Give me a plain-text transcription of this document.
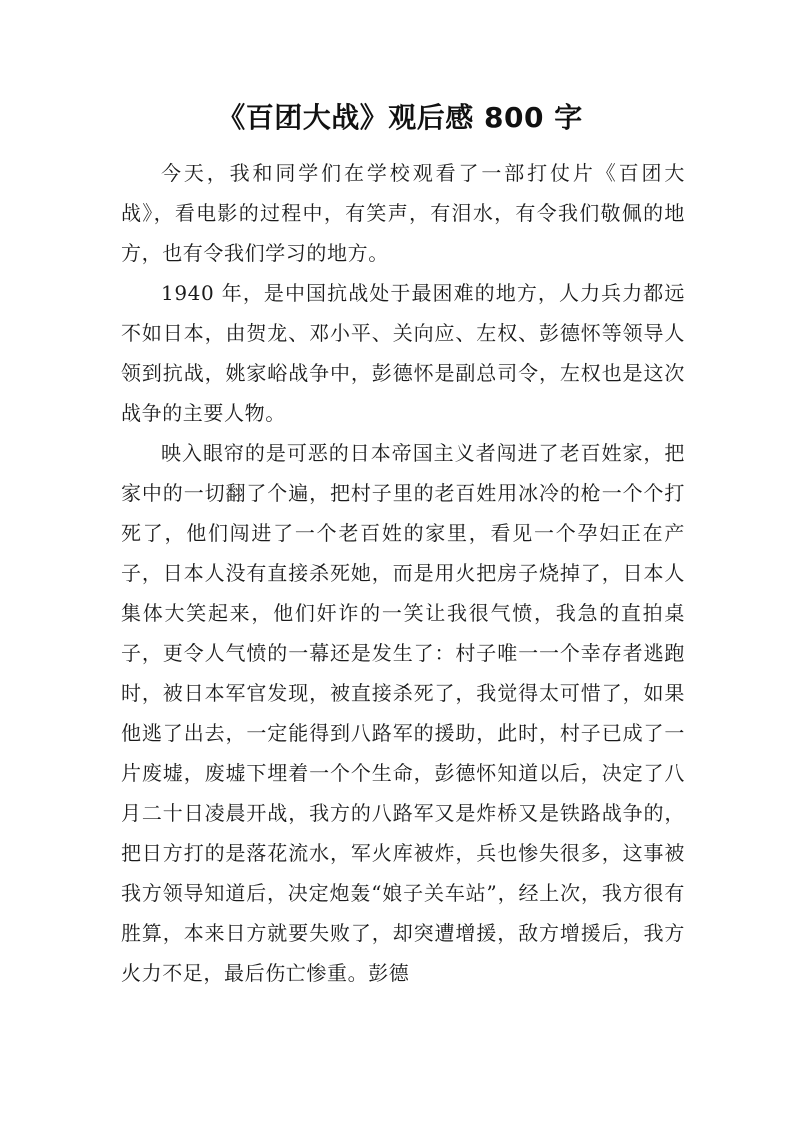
《百团大战》观后感 800 字

今天，我和同学们在学校观看了一部打仗片《百团大战》，看电影的过程中，有笑声，有泪水，有令我们敬佩的地方，也有令我们学习的地方。

1940 年，是中国抗战处于最困难的地方，人力兵力都远不如日本，由贺龙、邓小平、关向应、左权、彭德怀等领导人领到抗战，姚家峪战争中，彭德怀是副总司令，左权也是这次战争的主要人物。

映入眼帘的是可恶的日本帝国主义者闯进了老百姓家，把家中的一切翻了个遍，把村子里的老百姓用冰冷的枪一个个打死了，他们闯进了一个老百姓的家里，看见一个孕妇正在产子，日本人没有直接杀死她，而是用火把房子烧掉了，日本人集体大笑起来，他们奸诈的一笑让我很气愤，我急的直拍桌子，更令人气愤的一幕还是发生了：村子唯一一个幸存者逃跑时，被日本军官发现，被直接杀死了，我觉得太可惜了，如果他逃了出去，一定能得到八路军的援助，此时，村子已成了一片废墟，废墟下埋着一个个生命，彭德怀知道以后，决定了八月二十日凌晨开战，我方的八路军又是炸桥又是铁路战争的，把日方打的是落花流水，军火库被炸，兵也惨失很多，这事被我方领导知道后，决定炮轰“娘子关车站”，经上次，我方很有胜算，本来日方就要失败了，却突遭增援，敌方增援后，我方火力不足，最后伤亡惨重。彭德
